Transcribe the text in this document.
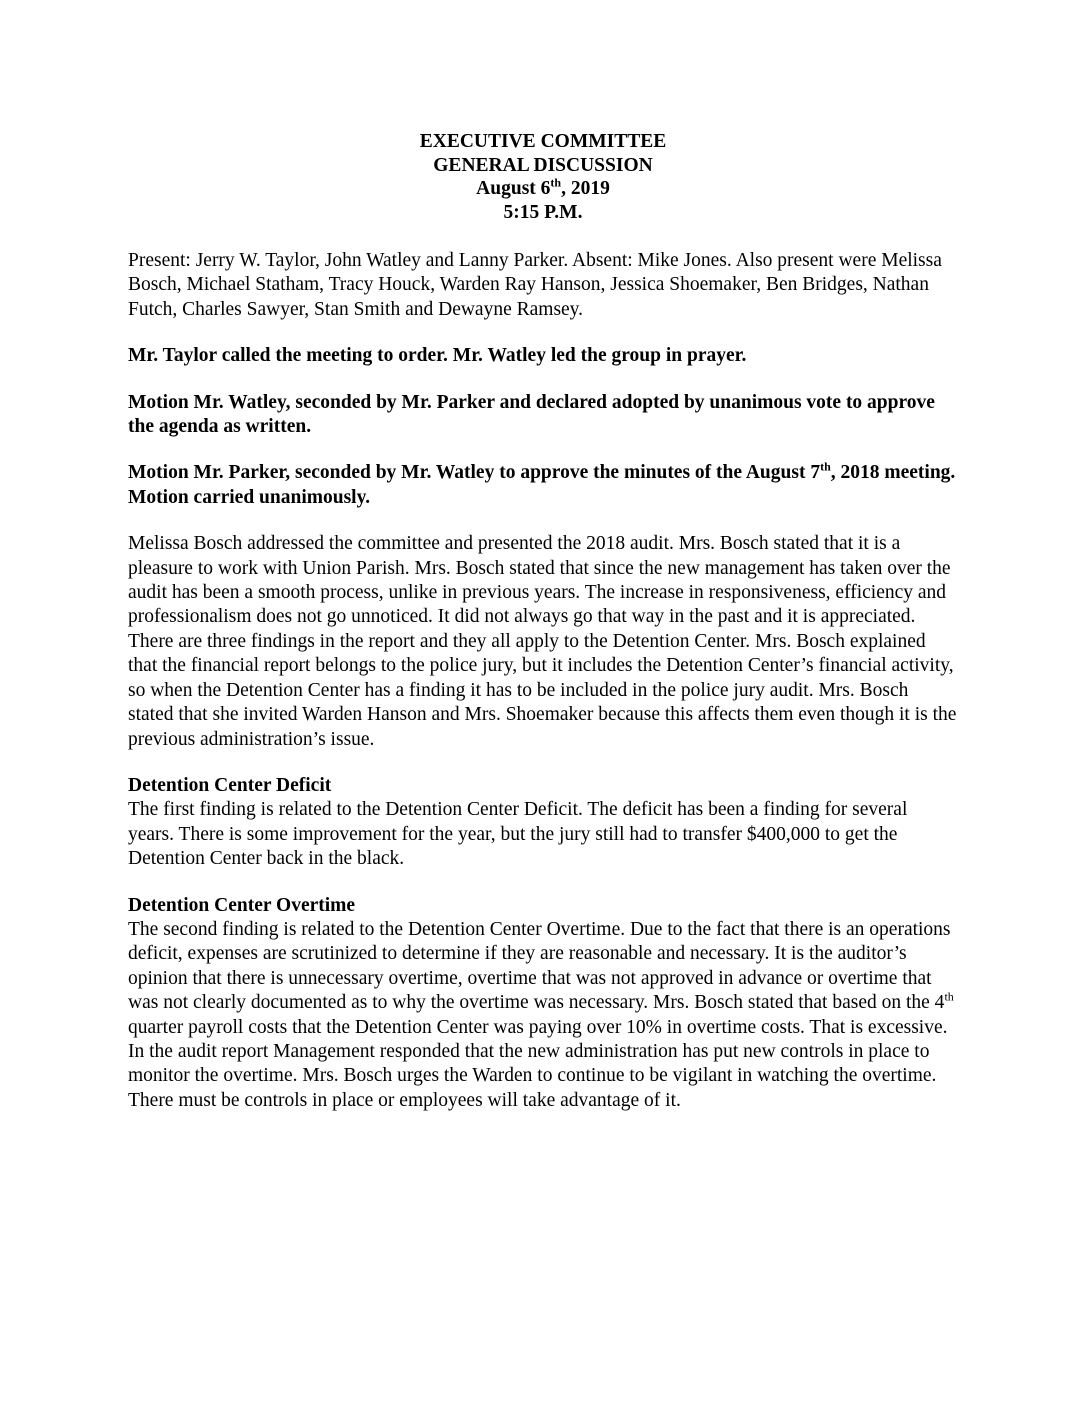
EXECUTIVE COMMITTEE
GENERAL DISCUSSION
August 6th, 2019
5:15 P.M.

Present: Jerry W. Taylor, John Watley and Lanny Parker. Absent: Mike Jones. Also present were Melissa Bosch, Michael Statham, Tracy Houck, Warden Ray Hanson, Jessica Shoemaker, Ben Bridges, Nathan Futch, Charles Sawyer, Stan Smith and Dewayne Ramsey.

Mr. Taylor called the meeting to order. Mr. Watley led the group in prayer.

Motion Mr. Watley, seconded by Mr. Parker and declared adopted by unanimous vote to approve the agenda as written.

Motion Mr. Parker, seconded by Mr. Watley to approve the minutes of the August 7th, 2018 meeting. Motion carried unanimously.

Melissa Bosch addressed the committee and presented the 2018 audit. Mrs. Bosch stated that it is a pleasure to work with Union Parish. Mrs. Bosch stated that since the new management has taken over the audit has been a smooth process, unlike in previous years. The increase in responsiveness, efficiency and professionalism does not go unnoticed. It did not always go that way in the past and it is appreciated. There are three findings in the report and they all apply to the Detention Center. Mrs. Bosch explained that the financial report belongs to the police jury, but it includes the Detention Center’s financial activity, so when the Detention Center has a finding it has to be included in the police jury audit. Mrs. Bosch stated that she invited Warden Hanson and Mrs. Shoemaker because this affects them even though it is the previous administration’s issue.

Detention Center Deficit

The first finding is related to the Detention Center Deficit. The deficit has been a finding for several years. There is some improvement for the year, but the jury still had to transfer $400,000 to get the Detention Center back in the black.

Detention Center Overtime

The second finding is related to the Detention Center Overtime. Due to the fact that there is an operations deficit, expenses are scrutinized to determine if they are reasonable and necessary. It is the auditor’s opinion that there is unnecessary overtime, overtime that was not approved in advance or overtime that was not clearly documented as to why the overtime was necessary. Mrs. Bosch stated that based on the 4th quarter payroll costs that the Detention Center was paying over 10% in overtime costs. That is excessive. In the audit report Management responded that the new administration has put new controls in place to monitor the overtime. Mrs. Bosch urges the Warden to continue to be vigilant in watching the overtime. There must be controls in place or employees will take advantage of it.
